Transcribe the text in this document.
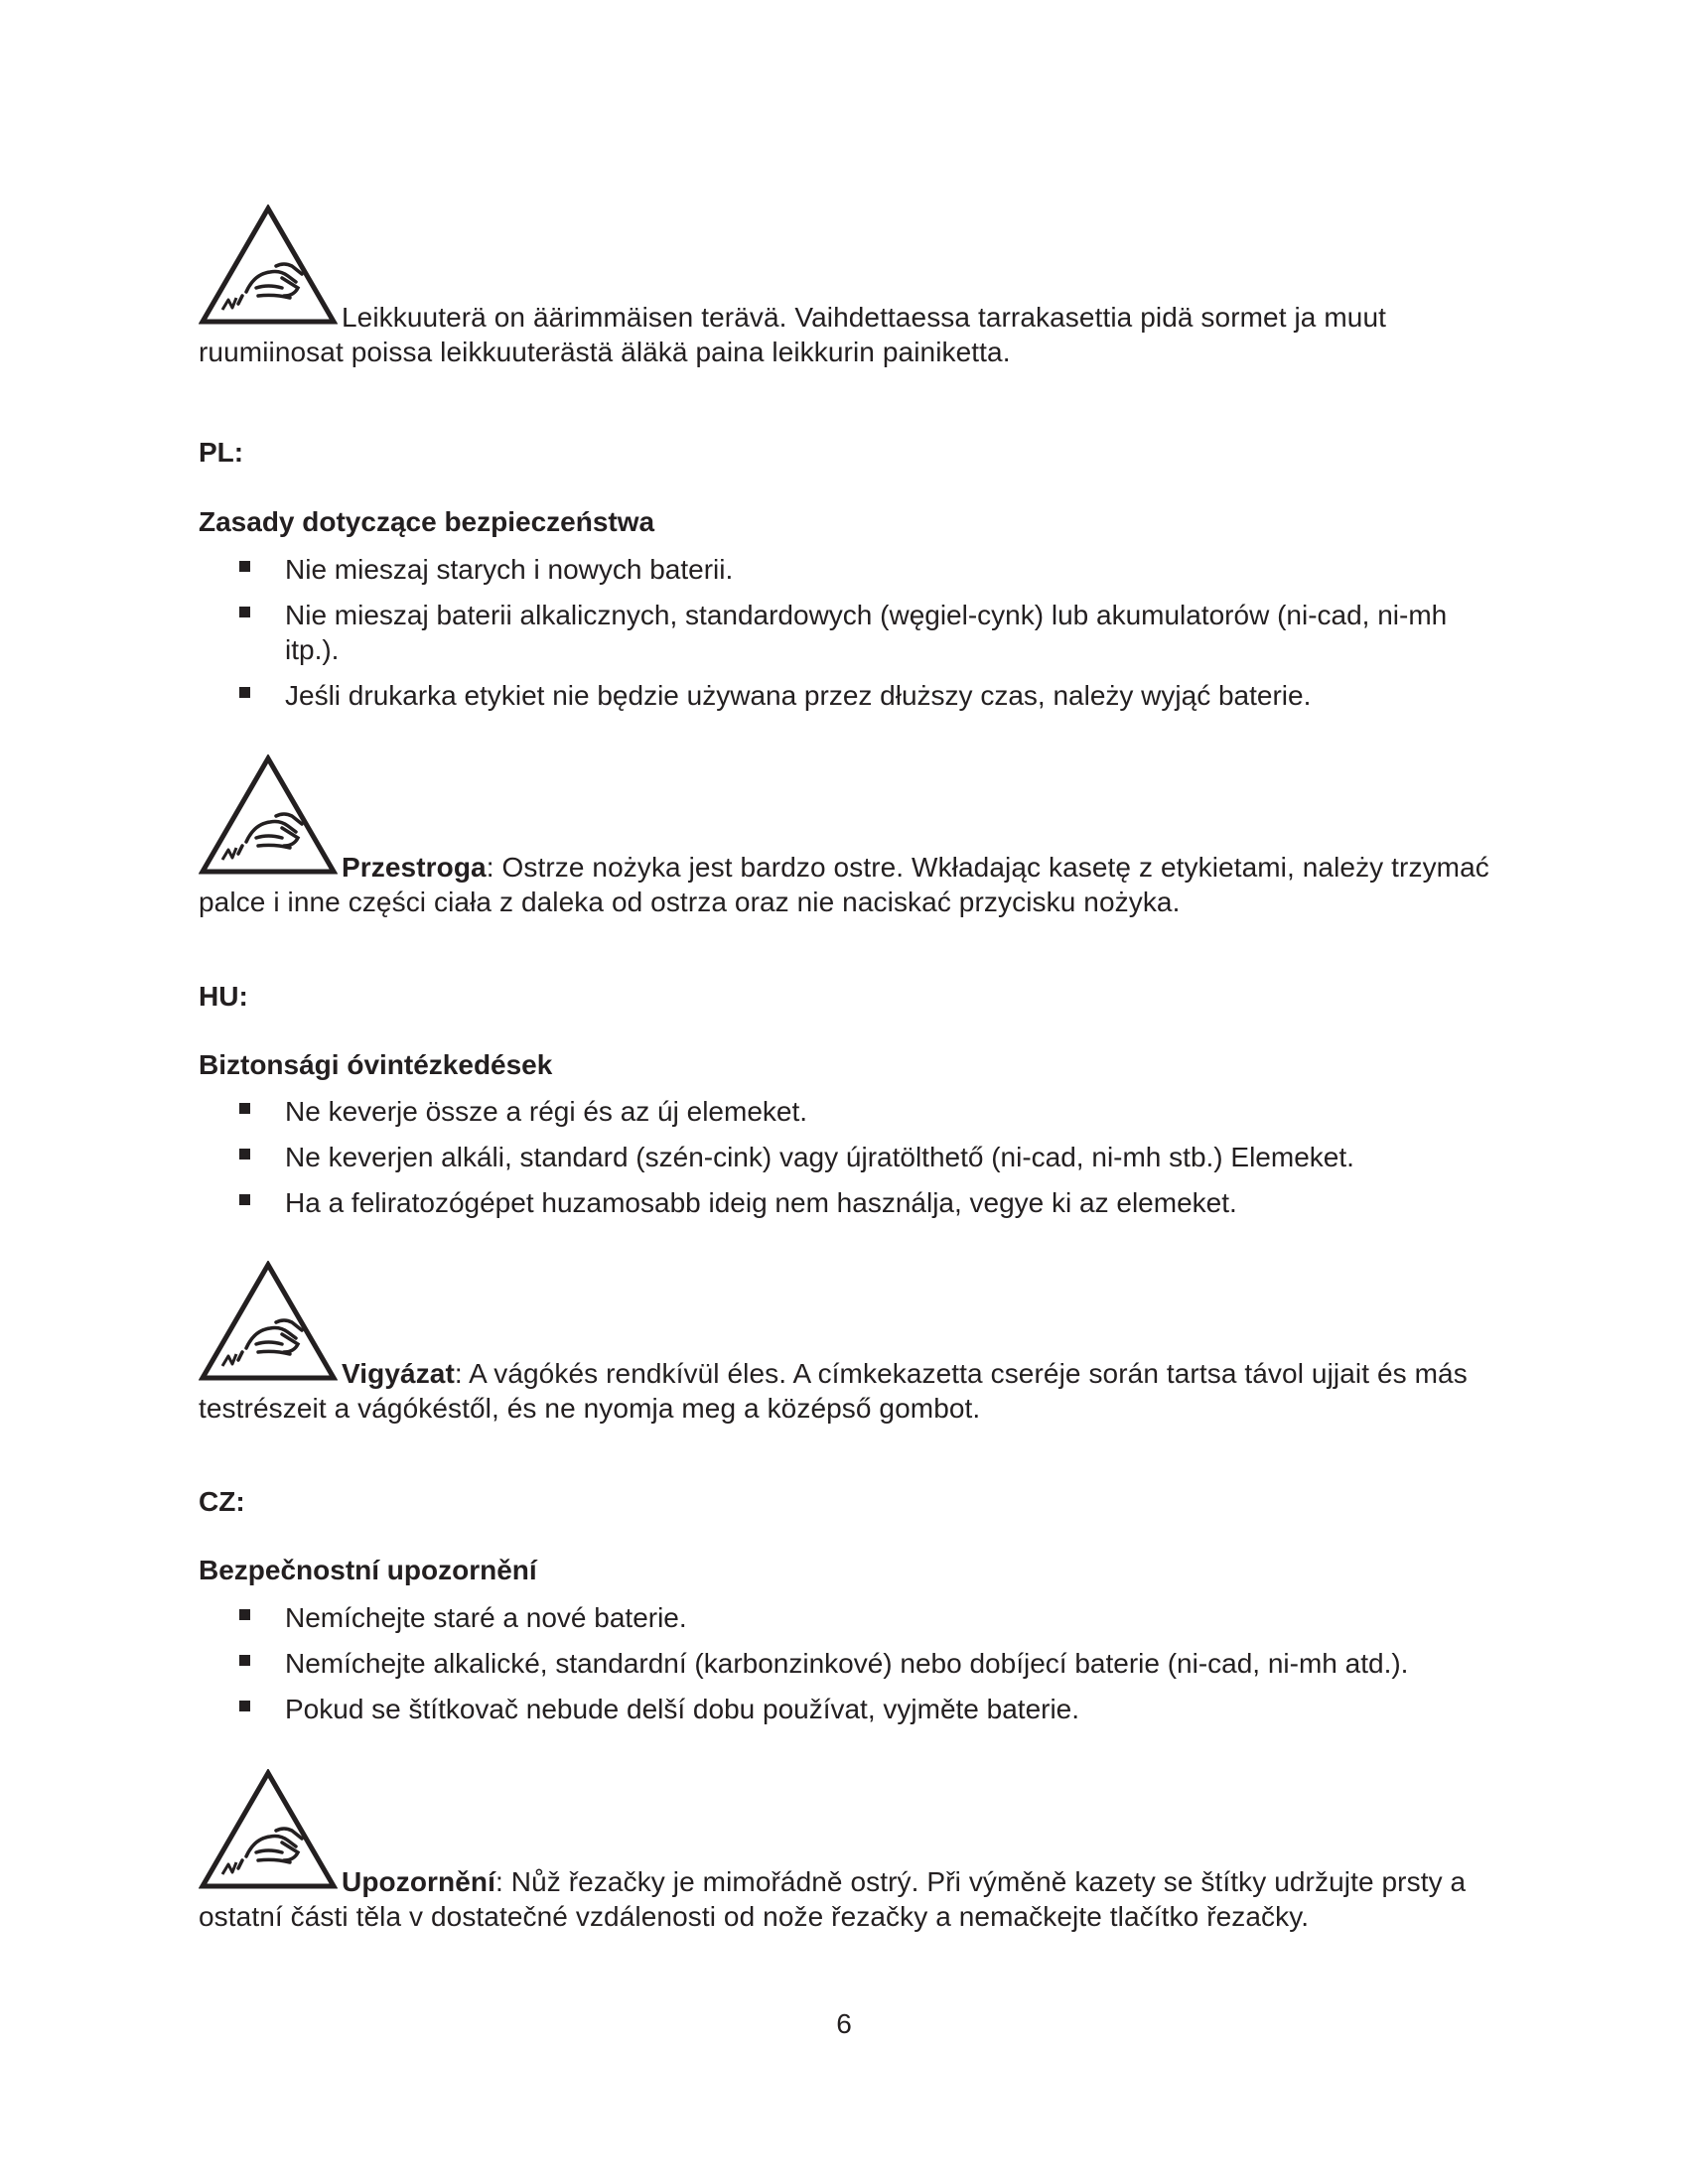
Leikkuuterä on äärimmäisen terävä. Vaihdettaessa tarrakasettia pidä sormet ja muut ruumiinosat poissa leikkuuterästä äläkä paina leikkurin painiketta.

PL:

Zasady dotyczące bezpieczeństwa

Nie mieszaj starych i nowych baterii.
Nie mieszaj baterii alkalicznych, standardowych (węgiel-cynk) lub akumulatorów (ni-cad, ni-mh itp.).
Jeśli drukarka etykiet nie będzie używana przez dłuższy czas, należy wyjąć baterie.

Przestroga: Ostrze nożyka jest bardzo ostre. Wkładając kasetę z etykietami, należy trzymać palce i inne części ciała z daleka od ostrza oraz nie naciskać przycisku nożyka.

HU:

Biztonsági óvintézkedések

Ne keverje össze a régi és az új elemeket.
Ne keverjen alkáli, standard (szén-cink) vagy újratölthető (ni-cad, ni-mh stb.) Elemeket.
Ha a feliratozógépet huzamosabb ideig nem használja, vegye ki az elemeket.

Vigyázat: A vágókés rendkívül éles. A címkekazetta cseréje során tartsa távol ujjait és más testrészeit a vágókéstől, és ne nyomja meg a középső gombot.

CZ:

Bezpečnostní upozornění

Nemíchejte staré a nové baterie.
Nemíchejte alkalické, standardní (karbonzinkové) nebo dobíjecí baterie (ni-cad, ni-mh atd.).
Pokud se štítkovač nebude delší dobu používat, vyjměte baterie.

Upozornění: Nůž řezačky je mimořádně ostrý. Při výměně kazety se štítky udržujte prsty a ostatní části těla v dostatečné vzdálenosti od nože řezačky a nemačkejte tlačítko řezačky.

6
